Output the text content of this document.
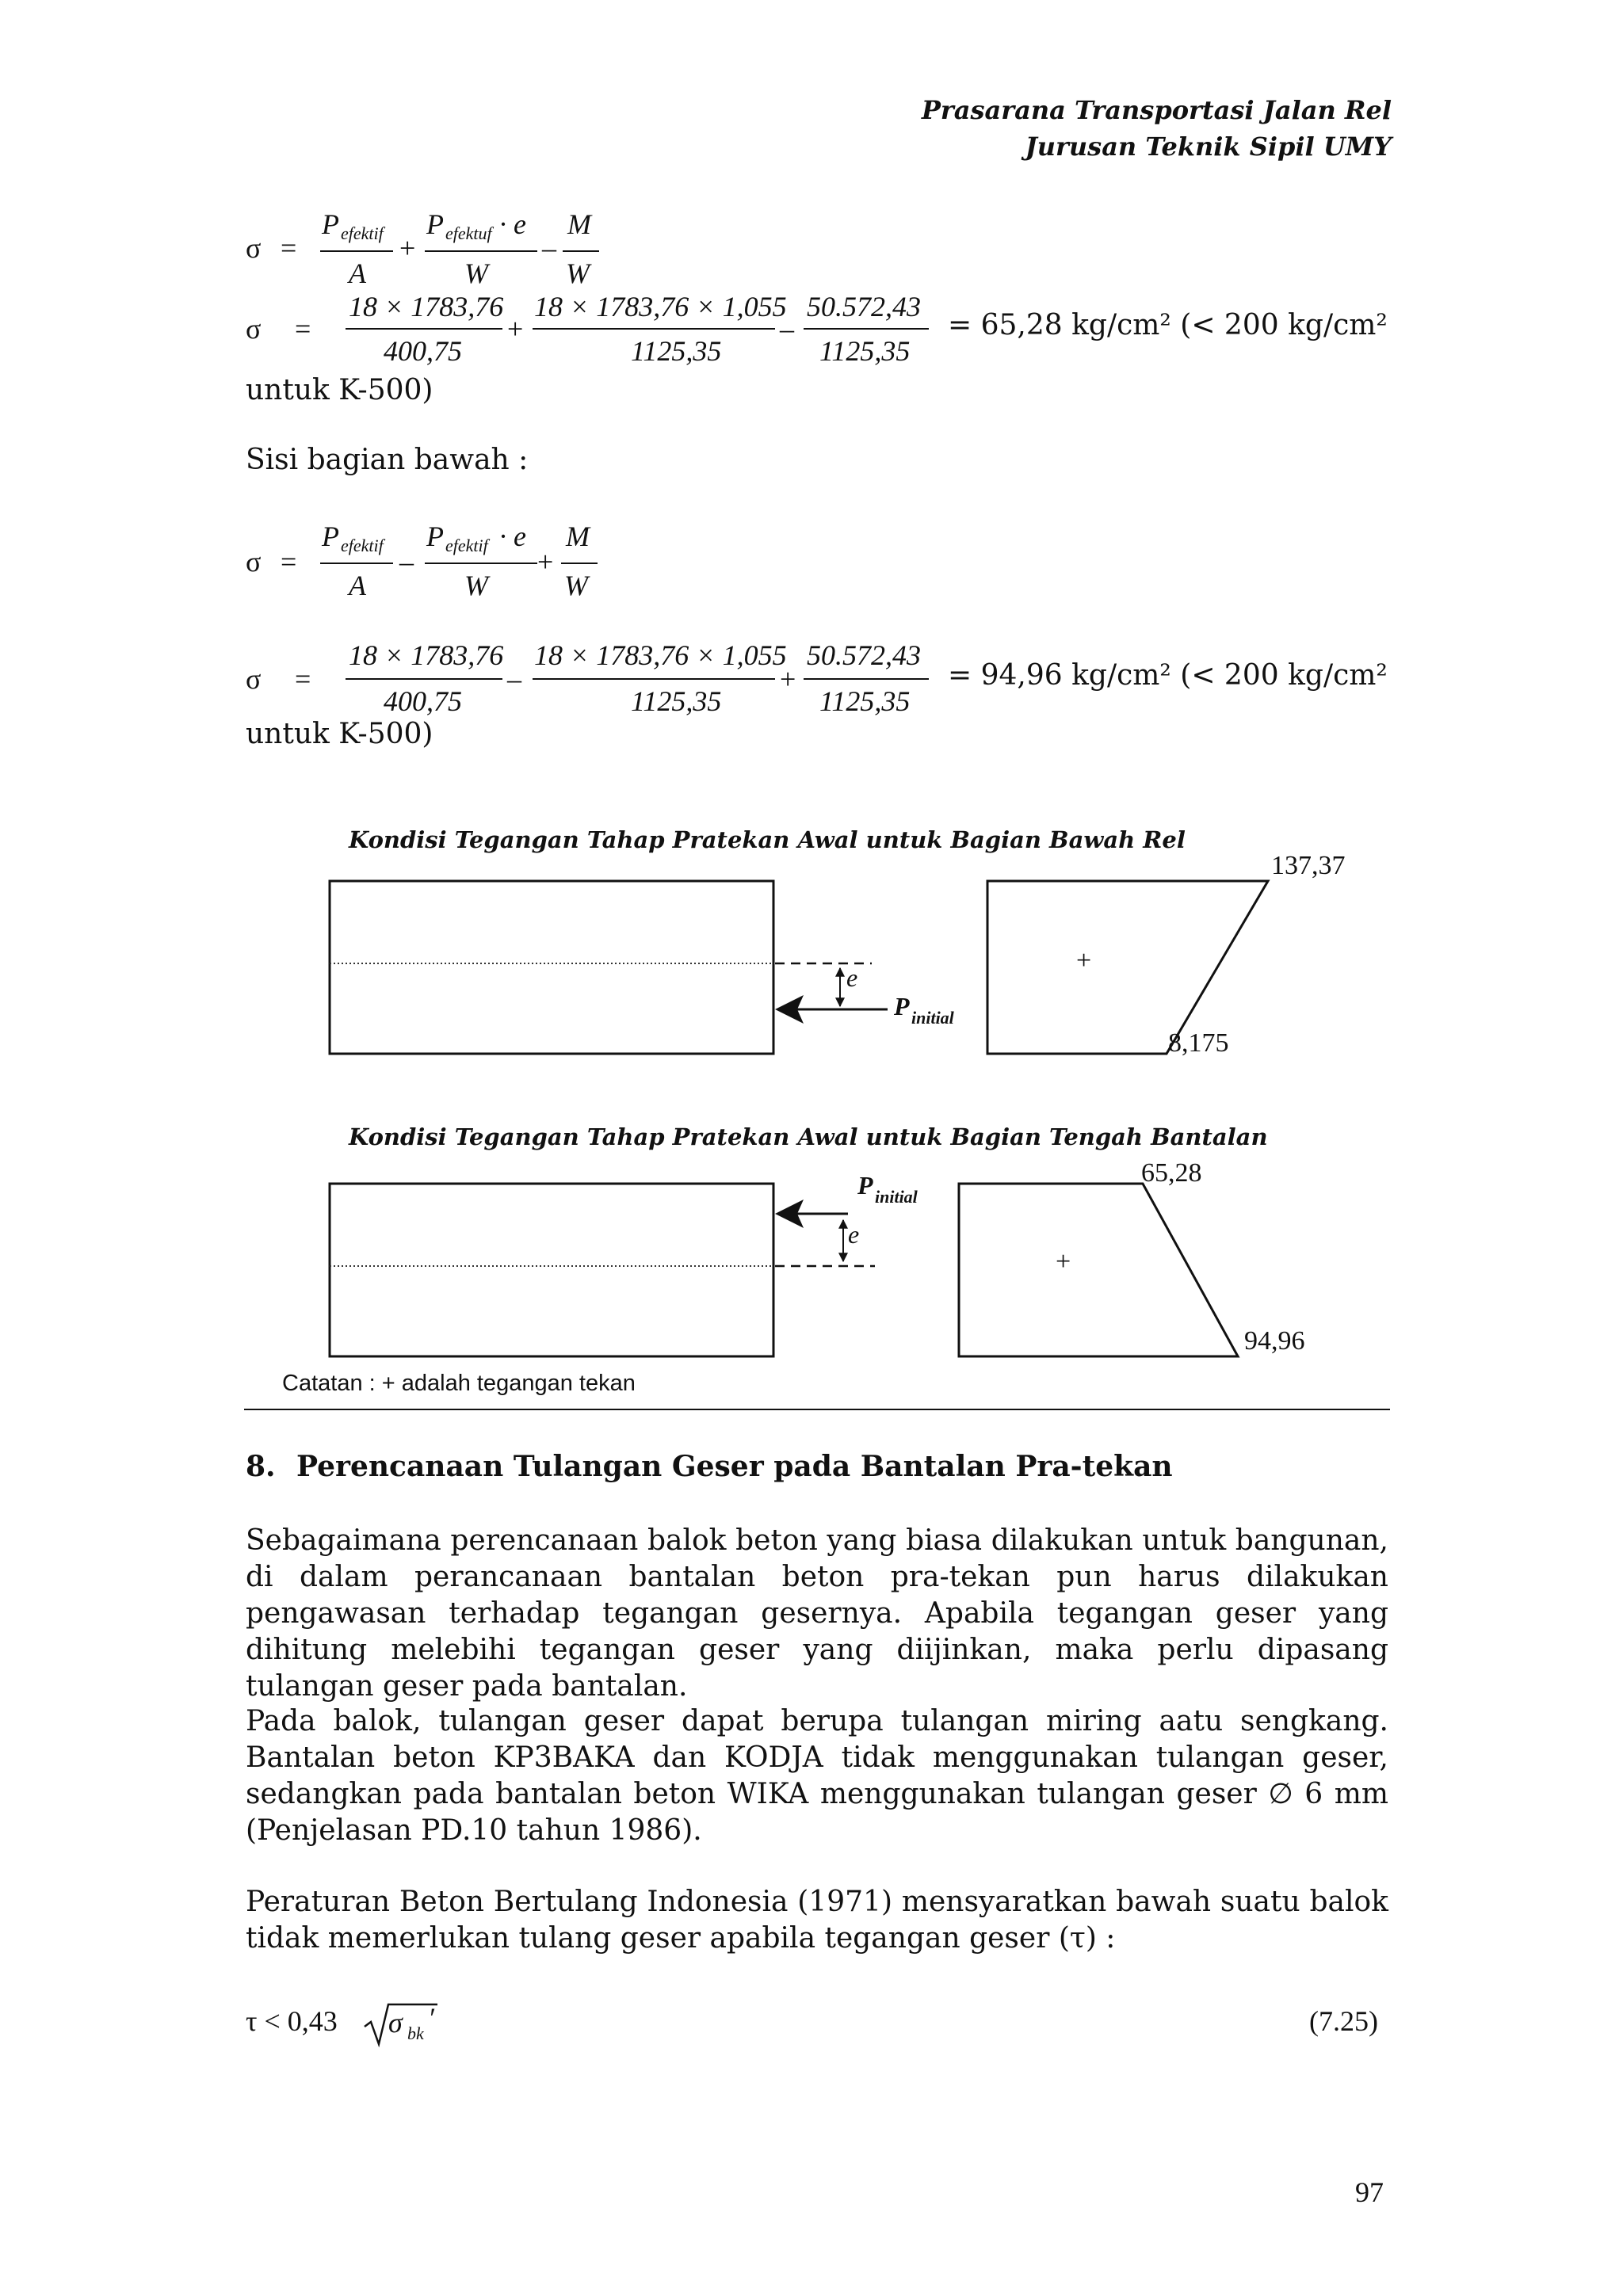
Prasarana Transportasi Jalan Rel
Jurusan Teknik Sipil UMY
σ =
P efektif
A
+
P efektuf · e
W
–
M
W
σ =
18 × 1783,76
400,75
+
18 × 1783,76 × 1,055
1125,35
–
50.572,43
1125,35
= 65,28 kg/cm² (< 200 kg/cm²
untuk K-500)
Sisi bagian bawah :
σ =
P efektif
A
–
P efektif · e
W
+
M
W
σ =
18 × 1783,76
400,75
–
18 × 1783,76 × 1,055
1125,35
+
50.572,43
1125,35
= 94,96 kg/cm² (< 200 kg/cm²
untuk K-500)
Kondisi Tegangan Tahap Pratekan Awal untuk Bagian Bawah Rel
e
P initial
+
137,37
8,175
Kondisi Tegangan Tahap Pratekan Awal untuk Bagian Tengah Bantalan
e
P initial
+
65,28
94,96
Catatan : + adalah tegangan tekan
8. Perencanaan Tulangan Geser pada Bantalan Pra-tekan

Sebagaimana perencanaan balok beton yang biasa dilakukan untuk bangunan, di dalam perancanaan bantalan beton pra-tekan pun harus dilakukan pengawasan terhadap tegangan gesernya. Apabila tegangan geser yang dihitung melebihi tegangan geser yang diijinkan, maka perlu dipasang tulangan geser pada bantalan.

Pada balok, tulangan geser dapat berupa tulangan miring aatu sengkang. Bantalan beton KP3BAKA dan KODJA tidak menggunakan tulangan geser, sedangkan pada bantalan beton WIKA menggunakan tulangan geser ∅ 6 mm (Penjelasan PD.10 tahun 1986).

Peraturan Beton Bertulang Indonesia (1971) mensyaratkan bawah suatu balok tidak memerlukan tulang geser apabila tegangan geser (τ) :

τ < 0,43 σ bk ′	(7.25)
97
